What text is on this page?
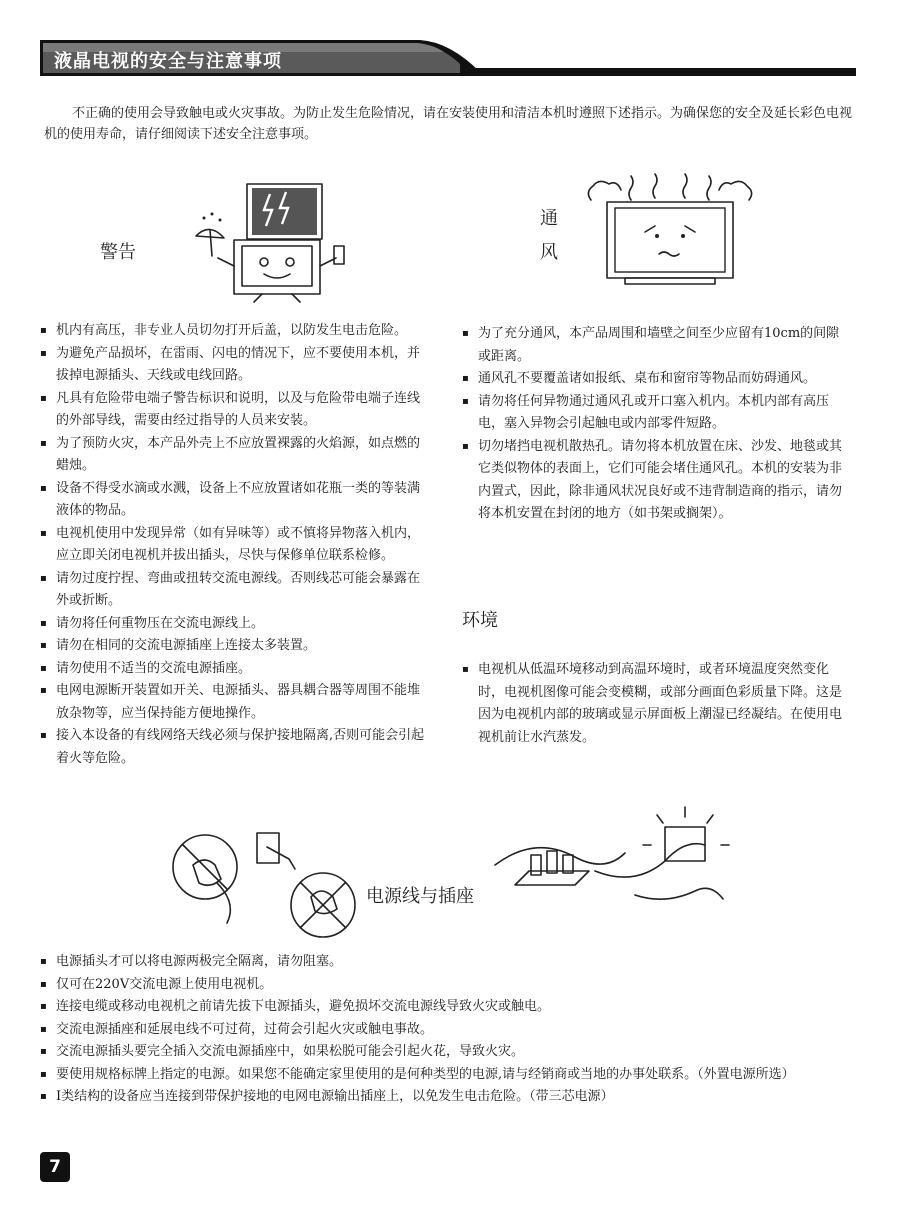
液晶电视的安全与注意事项

不正确的使用会导致触电或火灾事故。为防止发生危险情况，请在安装使用和清洁本机时遵照下述指示。为确保您的安全及延长彩色电视机的使用寿命，请仔细阅读下述安全注意事项。

警告
通
风
▪ 机内有高压，非专业人员切勿打开后盖，以防发生电击危险。
▪ 为避免产品损坏，在雷雨、闪电的情况下，应不要使用本机，并拔掉电源插头、天线或电线回路。
▪ 凡具有危险带电端子警告标识和说明，以及与危险带电端子连线的外部导线，需要由经过指导的人员来安装。
▪ 为了预防火灾，本产品外壳上不应放置裸露的火焰源，如点燃的蜡烛。
▪ 设备不得受水滴或水溅，设备上不应放置诸如花瓶一类的等装满液体的物品。
▪ 电视机使用中发现异常（如有异味等）或不慎将异物落入机内，应立即关闭电视机并拔出插头，尽快与保修单位联系检修。
▪ 请勿过度拧捏、弯曲或扭转交流电源线。否则线芯可能会暴露在外或折断。
▪ 请勿将任何重物压在交流电源线上。
▪ 请勿在相同的交流电源插座上连接太多装置。
▪ 请勿使用不适当的交流电源插座。
▪ 电网电源断开装置如开关、电源插头、器具耦合器等周围不能堆放杂物等，应当保持能方便地操作。
▪ 接入本设备的有线网络天线必须与保护接地隔离,否则可能会引起着火等危险。
▪ 为了充分通风，本产品周围和墙壁之间至少应留有10cm的间隙或距离。
▪ 通风孔不要覆盖诸如报纸、桌布和窗帘等物品而妨碍通风。
▪ 请勿将任何异物通过通风孔或开口塞入机内。本机内部有高压电，塞入异物会引起触电或内部零件短路。
▪ 切勿堵挡电视机散热孔。请勿将本机放置在床、沙发、地毯或其它类似物体的表面上，它们可能会堵住通风孔。本机的安装为非内置式，因此，除非通风状况良好或不违背制造商的指示，请勿将本机安置在封闭的地方（如书架或搁架）。
环境
▪ 电视机从低温环境移动到高温环境时，或者环境温度突然变化时，电视机图像可能会变模糊，或部分画面色彩质量下降。这是因为电视机内部的玻璃或显示屏面板上潮湿已经凝结。在使用电视机前让水汽蒸发。
电源线与插座
▪ 电源插头才可以将电源两极完全隔离，请勿阻塞。
▪ 仅可在220V交流电源上使用电视机。
▪ 连接电缆或移动电视机之前请先拔下电源插头，避免损坏交流电源线导致火灾或触电。
▪ 交流电源插座和延展电线不可过荷，过荷会引起火灾或触电事故。
▪ 交流电源插头要完全插入交流电源插座中，如果松脱可能会引起火花，导致火灾。
▪ 要使用规格标牌上指定的电源。如果您不能确定家里使用的是何种类型的电源,请与经销商或当地的办事处联系。（外置电源所选）
▪ Ⅰ类结构的设备应当连接到带保护接地的电网电源输出插座上，以免发生电击危险。（带三芯电源）
7
